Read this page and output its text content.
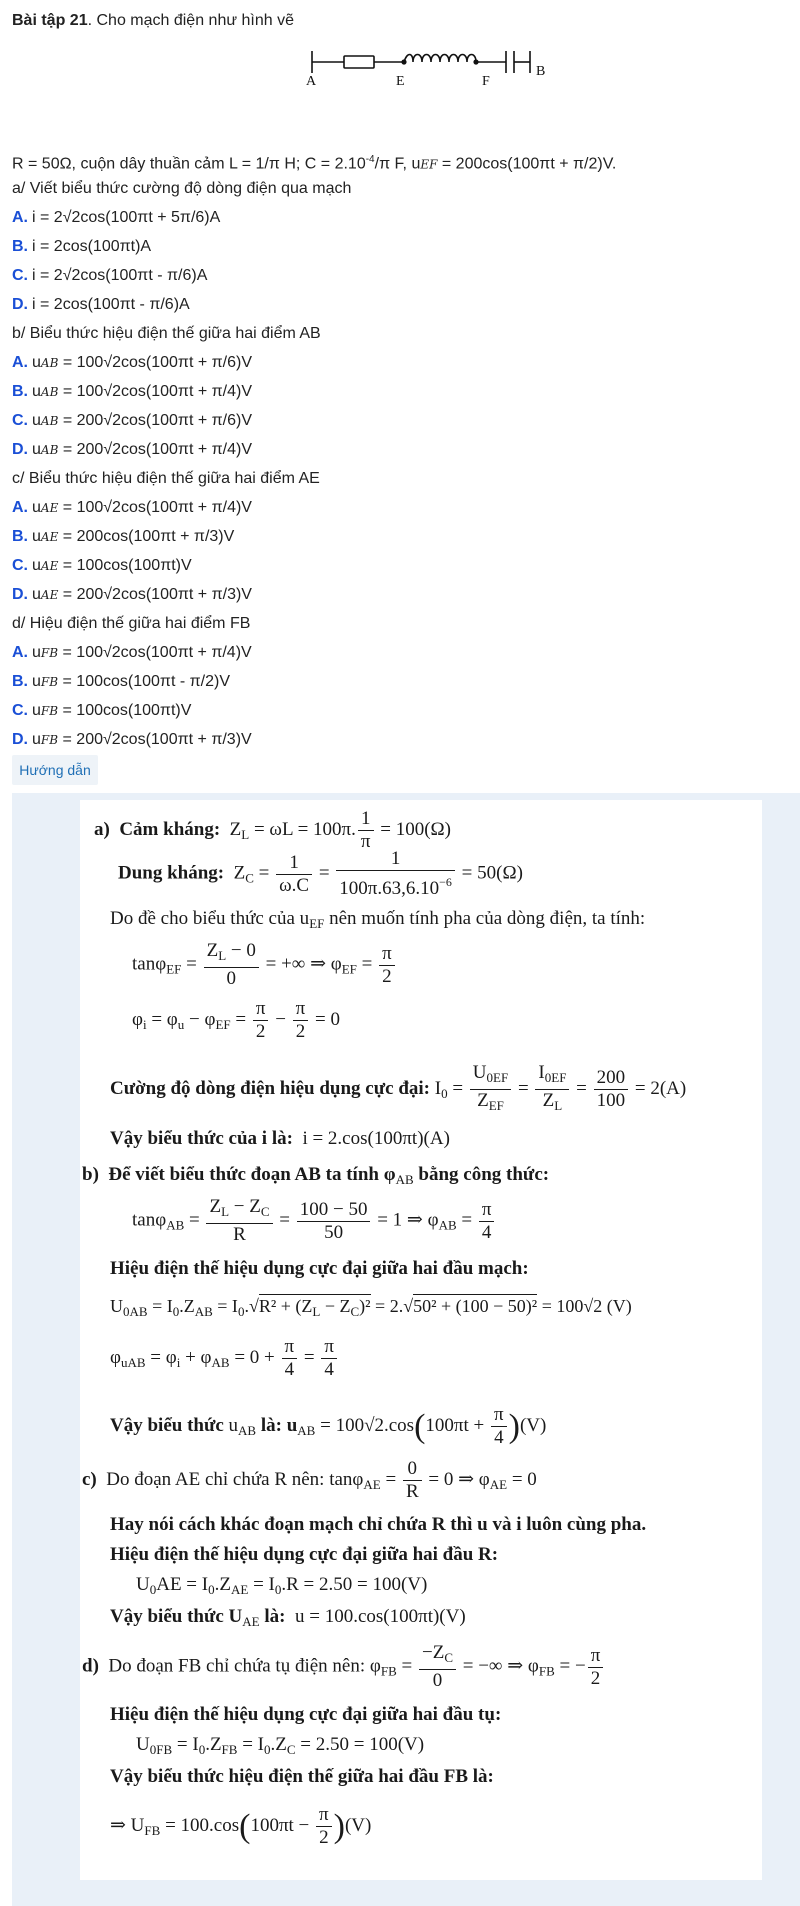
Bài tập 21. Cho mạch điện như hình vẽ
A	E	F
B
R = 50Ω, cuộn dây thuần cảm L = 1/π H; $C = 2.10^{-4}/\pi$ F, uEF = 200cos(100πt + π/2)V.
a/ Viết biểu thức cường độ dòng điện qua mạch
A. i = 2√2cos(100πt + 5π/6)A
B. i = 2cos(100πt)A
C. i = 2√2cos(100πt - π/6)A
D. i = 2cos(100πt - π/6)A
b/ Biểu thức hiệu điện thế giữa hai điểm AB
A. uAB = 100√2cos(100πt + π/6)V
B. uAB = 100√2cos(100πt + π/4)V
C. uAB = 200√2cos(100πt + π/6)V
D. uAB = 200√2cos(100πt + π/4)V
c/ Biểu thức hiệu điện thế giữa hai điểm AE
A. uAE = 100√2cos(100πt + π/4)V
B. uAE = 200cos(100πt + π/3)V
C. uAE = 100cos(100πt)V
D. uAE = 200√2cos(100πt + π/3)V
d/ Hiệu điện thế giữa hai điểm FB
A. uFB = 100√2cos(100πt + π/4)V
B. uFB = 100cos(100πt - π/2)V
C. uFB = 100cos(100πt)V
D. uFB = 200√2cos(100πt + π/3)V
Hướng dẫn
a) Cảm kháng: $Z_L = \omega L = 100\pi$. $\frac{1}{\pi} = 100(\Omega)$
Dung kháng:  $Z_C = \frac{1}{\omega.C} = \frac{1}{100\pi.63,6.10^{-6}} = 50(\Omega)$
Do đề cho biểu thức của $u_{EF}$ nên muốn tính pha của dòng điện, ta tính:
$\tan\varphi_{EF} = \frac{Z_L - 0}{0}$ = +∞ ⇒ $\varphi_{EF} = \frac{\pi}{2}$
$\varphi_i = \varphi_u - \varphi_{EF} = \frac{\pi}{2} - \frac{\pi}{2} = 0$
Cường độ dòng điện hiệu dụng cực đại: $I_0$ =
$U_{0EF}$
$Z_{EF}$
= $\frac{I_{0EF}}{Z_L} = \frac{200}{100} = 2(A)$
Vậy biểu thức của i là: i = 2.cos(100πt)(A)
b) Để viết biểu thức đoạn AB ta tính $\varphi_{AB}$ bằng công thức:
$\tan\varphi_{AB} = \frac{Z_L - Z_C}{R} = \frac{100 - 50}{50} = 1$ ⇒ $\varphi_{AB} = \frac{\pi}{4}$
Hiệu điện thế hiệu dụng cực đại giữa hai đầu mạch:
$U_{0AB} = I_0.Z_{AB} = I_0.√R^2 + (Z_L - Z_C)^2 = 2.√50^2 + (100 - 50)^2 = 100√2$ (V)
$\varphi_{uAB} = \varphi_i + \varphi_{AB} = 0 + \frac{\pi}{4} = \frac{\pi}{4}$
Vậy biểu thức $u_{AB}$ là: $u_{AB} = 100√2.\cos(100\pi t + \frac{\pi}{4} )(V)$
c) Do đoạn AE chỉ chứa R nên: $\tan\varphi_{AE} = \frac{0}{R} = 0$ ⇒ $\varphi_{AE} = 0$
Hay nói cách khác đoạn mạch chỉ chứa R thì u và i luôn cùng pha.
Hiệu điện thế hiệu dụng cực đại giữa hai đầu R:
$U_0AE = I_0.Z_{AE} = I_0.R = 2.50 = 100(V)$
Vậy biểu thức $U_{AE}$ là: u = 100.cos(100πt)(V)
d) Do đoạn FB chỉ chứa tụ điện nên: $\varphi_{FB} = \frac{-Z_C}{0}$ = −∞ ⇒ $\varphi_{FB}$ = − $\frac{\pi}{2}$
Hiệu điện thế hiệu dụng cực đại giữa hai đầu tụ:
$U_{0FB} = I_0.Z_{FB} = I_0.Z_C = 2.50 = 100(V)$
Vậy biểu thức hiệu điện thế giữa hai đầu FB là:
⇒ $U_{FB} = 100.\cos(100\pi t - \frac{\pi}{2} )(V)$
